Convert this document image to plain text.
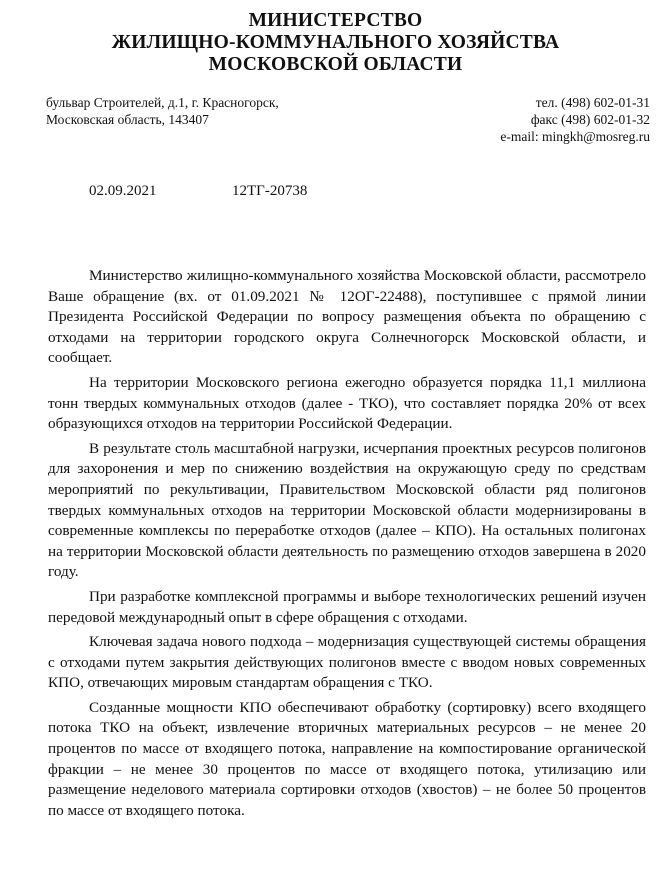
МИНИСТЕРСТВО
ЖИЛИЩНО-КОММУНАЛЬНОГО ХОЗЯЙСТВА
МОСКОВСКОЙ ОБЛАСТИ
бульвар Строителей, д.1, г. Красногорск,
Московская область, 143407
тел. (498) 602-01-31
факс (498) 602-01-32
e-mail: mingkh@mosreg.ru
02.09.2021	12ТГ-20738

Министерство жилищно-коммунального хозяйства Московской области, рассмотрело Ваше обращение (вх. от 01.09.2021 № 12ОГ-22488), поступившее с прямой линии Президента Российской Федерации по вопросу размещения объекта по обращению с отходами на территории городского округа Солнечногорск Московской области, и сообщает.

На территории Московского региона ежегодно образуется порядка 11,1 миллиона тонн твердых коммунальных отходов (далее - ТКО), что составляет порядка 20% от всех образующихся отходов на территории Российской Федерации.

В результате столь масштабной нагрузки, исчерпания проектных ресурсов полигонов для захоронения и мер по снижению воздействия на окружающую среду по средствам мероприятий по рекультивации, Правительством Московской области ряд полигонов твердых коммунальных отходов на территории Московской области модернизированы в современные комплексы по переработке отходов (далее – КПО). На остальных полигонах на территории Московской области деятельность по размещению отходов завершена в 2020 году.

При разработке комплексной программы и выборе технологических решений изучен передовой международный опыт в сфере обращения с отходами.

Ключевая задача нового подхода – модернизация существующей системы обращения с отходами путем закрытия действующих полигонов вместе с вводом новых современных КПО, отвечающих мировым стандартам обращения с ТКО.

Созданные мощности КПО обеспечивают обработку (сортировку) всего входящего потока ТКО на объект, извлечение вторичных материальных ресурсов – не менее 20 процентов по массе от входящего потока, направление на компостирование органической фракции – не менее 30 процентов по массе от входящего потока, утилизацию или размещение неделового материала сортировки отходов (хвостов) – не более 50 процентов по массе от входящего потока.
